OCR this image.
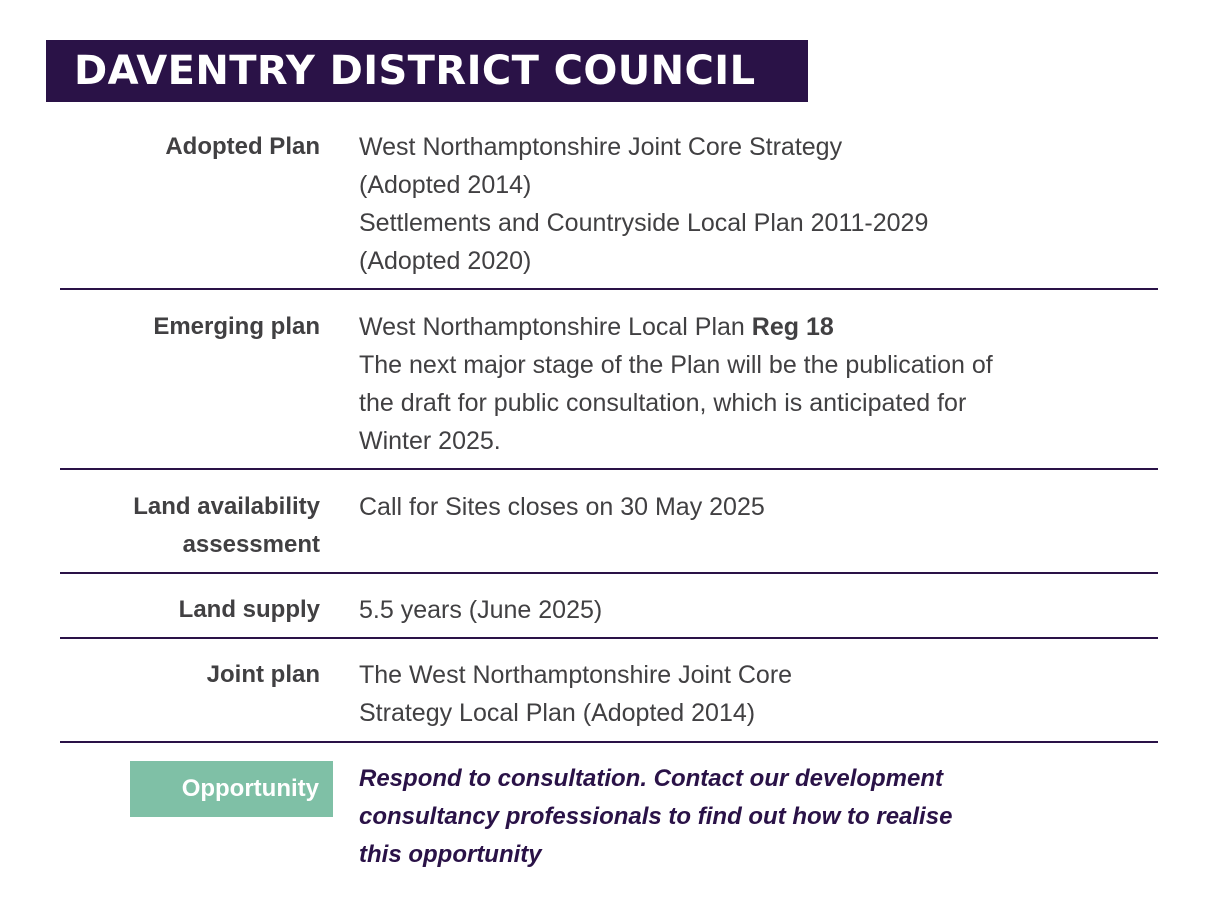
DAVENTRY DISTRICT COUNCIL
Adopted Plan West Northamptonshire Joint Core Strategy
(Adopted 2014)
Settlements and Countryside Local Plan 2011-2029
(Adopted 2020)
Emerging plan West Northamptonshire Local Plan Reg 18
The next major stage of the Plan will be the publication of
the draft for public consultation, which is anticipated for
Winter 2025.
Land availability
assessment
Call for Sites closes on 30 May 2025
Land supply 5.5 years (June 2025)
Joint plan The West Northamptonshire Joint Core
Strategy Local Plan (Adopted 2014)
Opportunity	Respond to consultation. Contact our development
consultancy professionals to find out how to realise
this opportunity
